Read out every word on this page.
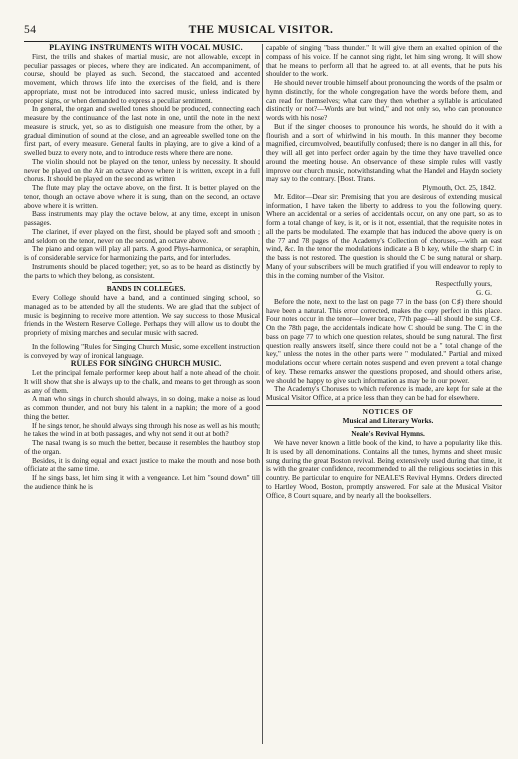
54	THE MUSICAL VISITOR.

PLAYING INSTRUMENTS WITH VOCAL MUSIC.

First, the trills and shakes of martial music, are not allowable, except in peculiar passages or pieces, where they are indicated. An accompaniment, of course, should be played as such. Second, the staccatoed and accented movement, which throws life into the exercises of the field, and is there appropriate, must not be introduced into sacred music, unless indicated by proper signs, or when demanded to express a peculiar sentiment.

In general, the organ and swelled tones should be produced, connecting each measure by the continuance of the last note in one, until the note in the next measure is struck, yet, so as to distiguish one measure from the other, by a gradual diminution of sound at the close, and an agreeable swelled tone on the first part, of every measure. General faults in playing, are to give a kind of a swelled buzz to every note, and to introduce rests where there are none.

The violin should not be played on the tenor, unless by necessity. It should never be played on the Air an octave above where it is written, except in a full chorus. It should be played on the second as written

The flute may play the octave above, on the first. It is better played on the tenor, though an octave above where it is sung, than on the second, an octave above where it is written.

Bass instruments may play the octave below, at any time, except in unison passages.

The clarinet, if ever played on the first, should be played soft and smooth ; and seldom on the tenor, never on the second, an octave above.

The piano and organ will play all parts. A good Phys-harmonica, or seraphin, is of considerable service for harmonizing the parts, and for interludes.

Instruments should be placed together; yet, so as to be heard as distinctly by the parts to which they belong, as consistent.

BANDS IN COLLEGES.

Every College should have a band, and a continued singing school, so managed as to be attended by all the students. We are glad that the subject of music is beginning to receive more attention. We say success to those Musical friends in the Western Reserve College. Perhaps they will allow us to doubt the propriety of mixing marches and secular music with sacred.

In the following "Rules for Singing Church Music, some excellent instruction is conveyed by way of ironical language.

RULES FOR SINGING CHURCH MUSIC.

Let the principal female performer keep about half a note ahead of the choir. It will show that she is always up to the chalk, and means to get through as soon as any of them.

A man who sings in church should always, in so doing, make a noise as loud as common thunder, and not bury his talent in a napkin; the more of a good thing the better.

If he sings tenor, he should always sing through his nose as well as his mouth; he takes the wind in at both passages, and why not send it out at both?

The nasal twang is so much the better, because it resembles the hautboy stop of the organ.

Besides, it is doing equal and exact justice to make the mouth and nose both officiate at the same time.

If he sings bass, let him sing it with a vengeance. Let him "sound down" till the audience think he is

capable of singing "bass thunder." It will give them an exalted opinion of the compass of his voice. If he cannot sing right, let him sing wrong. It will show that he means to perform all that he agreed to. at all events, that he puts his shoulder to the work.

He should never trouble himself about pronouncing the words of the psalm or hymn distinctly, for the whole congregation have the words before them, and can read for themselves; what care they then whether a syllable is articulated distinctly or not?—Words are but wind," and not only so, who can pronounce words with his nose?

But if the singer chooses to pronounce his words, he should do it with a flourish and a sort of whirlwind in his mouth. In this manner they become magnified, circumvolved, beautifully confused; there is no danger in all this, for they will all get into perfect order again by the time they have travelled once around the meeting house. An observance of these simple rules will vastly improve our church music, notwithstanding what the Handel and Haydn society may say to the contrary. [Bost. Trans.

Plymouth, Oct. 25, 1842.

Mr. Editor—Dear sir: Premising that you are desirous of extending musical information, I have taken the liberty to address to you the following query. Where an accidental or a series of accidentals occur, on any one part, so as to form a total change of key, is it, or is it not, essential, that the requisite notes in all the parts be modulated. The example that has induced the above query is on the 77 and 78 pages of the Academy's Collection of choruses,—with an east wind, &c. In the tenor the modulations indicate a B b key, while the sharp C in the bass is not restored. The question is should the C be sung natural or sharp. Many of your subscribers will be much gratified if you will endeavor to reply to this in the coming number of the Visitor.

Respectfully yours,

G. G.

Before the note, next to the last on page 77 in the bass (on C♯) there should have been a natural. This error corrected, makes the copy perfect in this place. Four notes occur in the tenor—lower brace, 77th page—all should be sung C♯. On the 78th page, the accidentals indicate how C should be sung. The C in the bass on page 77 to which one question relates, should be sung natural. The first question really answers itself, since there could not be a " total change of the key," unless the notes in the other parts were " modulated." Partial and mixed modulations occur where certain notes suspend and even prevent a total change of key. These remarks answer the questions proposed, and should others arise, we should be happy to give such information as may be in our power.

The Academy's Choruses to which reference is made, are kept for sale at the Musical Visitor Office, at a price less than they can be had for elsewhere.

NOTICES OF

Musical and Literary Works.

Neale's Revival Hymns.

We have never known a little book of the kind, to have a popularity like this. It is used by all denominations. Contains all the tunes, hymns and sheet music sung during the great Boston revival. Being extensively used during that time, it is with the greater confidence, recommended to all the religious societies in this country. Be particular to enquire for NEALE'S Revival Hymns. Orders directed to Hartley Wood, Boston, promptly answered. For sale at the Musical Visitor Office, 8 Court square, and by nearly all the booksellers.
